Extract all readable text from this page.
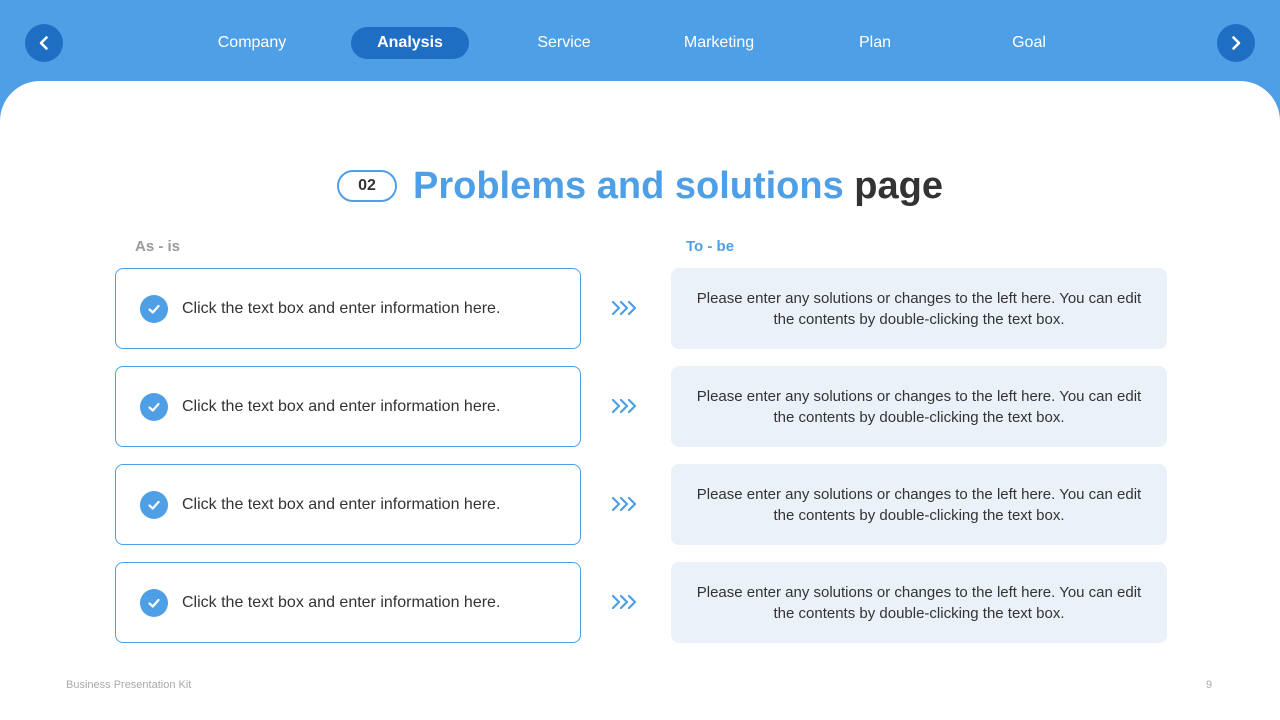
Company	Analysis	Service	Marketing	Plan	Goal
02 Problems and solutions page
As - is	To - be
Click the text box and enter information here.
Please enter any solutions or changes to the left here. You can edit the contents by double-clicking the text box.
Click the text box and enter information here.
Please enter any solutions or changes to the left here. You can edit the contents by double-clicking the text box.
Click the text box and enter information here.
Please enter any solutions or changes to the left here. You can edit the contents by double-clicking the text box.
Click the text box and enter information here.
Please enter any solutions or changes to the left here. You can edit the contents by double-clicking the text box.
Business Presentation Kit	9
